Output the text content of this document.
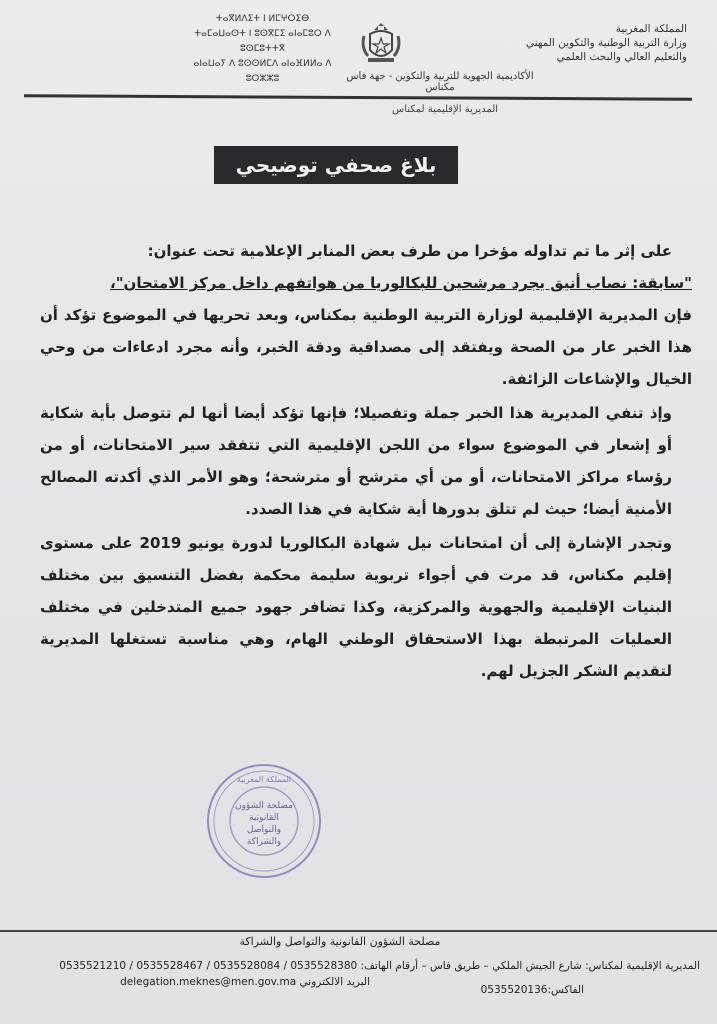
ⵜⴰⴳⵍⴷⵉⵜ ⵏ ⵍⵎⵖⵔⵉⴱ
ⵜⴰⵎⴰⵡⴰⵙⵜ ⵏ ⵓⵙⴳⵎⵉ ⴰⵏⴰⵎⵓⵔ ⴷ ⵓⵙⵎⵓⵜⵜⴳ
ⴰⵏⴰⵡⴰⵢ ⴷ ⵓⵙⵙⵍⵎⴷ ⴰⵏⴰⴼⵍⵍⴰ ⴷ ⵓⵔⵣⵣⵓ
المملكة المغربية
وزارة التربية الوطنية والتكوين المهني
والتعليم العالي والبحث العلمي
الأكاديمية الجهوية للتربية والتكوين - جهة فاس مكناس
المديرية الإقليمية لمكناس
بلاغ صحفي توضيحي

على إثر ما تم تداوله مؤخرا من طرف بعض المنابر الإعلامية تحت عنوان:

"سابقة: نصاب أنيق يجرد مرشحين للبكالوريا من هواتفهم داخل مركز الامتحان"،

فإن المديرية الإقليمية لوزارة التربية الوطنية بمكناس، وبعد تحريها في الموضوع تؤكد أن هذا الخبر عار من الصحة ويفتقد إلى مصداقية ودقة الخبر، وأنه مجرد ادعاءات من وحي الخيال والإشاعات الزائفة.

وإذ تنفي المديرية هذا الخبر جملة وتفصيلا؛ فإنها تؤكد أيضا أنها لم تتوصل بأية شكاية أو إشعار في الموضوع سواء من اللجن الإقليمية التي تتفقد سير الامتحانات، أو من رؤساء مراكز الامتحانات، أو من أي مترشح أو مترشحة؛ وهو الأمر الذي أكدته المصالح الأمنية أيضا؛ حيث لم تتلق بدورها أية شكاية في هذا الصدد.

وتجدر الإشارة إلى أن امتحانات نيل شهادة البكالوريا لدورة يونيو 2019 على مستوى إقليم مكناس، قد مرت في أجواء تربوية سليمة محكمة بفضل التنسيق بين مختلف البنيات الإقليمية والجهوية والمركزية، وكذا تضافر جهود جميع المتدخلين في مختلف العمليات المرتبطة بهذا الاستحقاق الوطني الهام، وهي مناسبة تستغلها المديرية لتقديم الشكر الجزيل لهم.

المملكة المغربية
مصلحة الشؤون القانونية والتواصل والشراكة
مصلحة الشؤون القانونية والتواصل والشراكة
المديرية الإقليمية لمكناس: شارع الجيش الملكي – طريق فاس – أرقام الهاتف: 0535528380 / 0535528084 / 0535528467 / 0535521210
الفاكس:0535520136
البريد الالكتروني delegation.meknes@men.gov.ma
